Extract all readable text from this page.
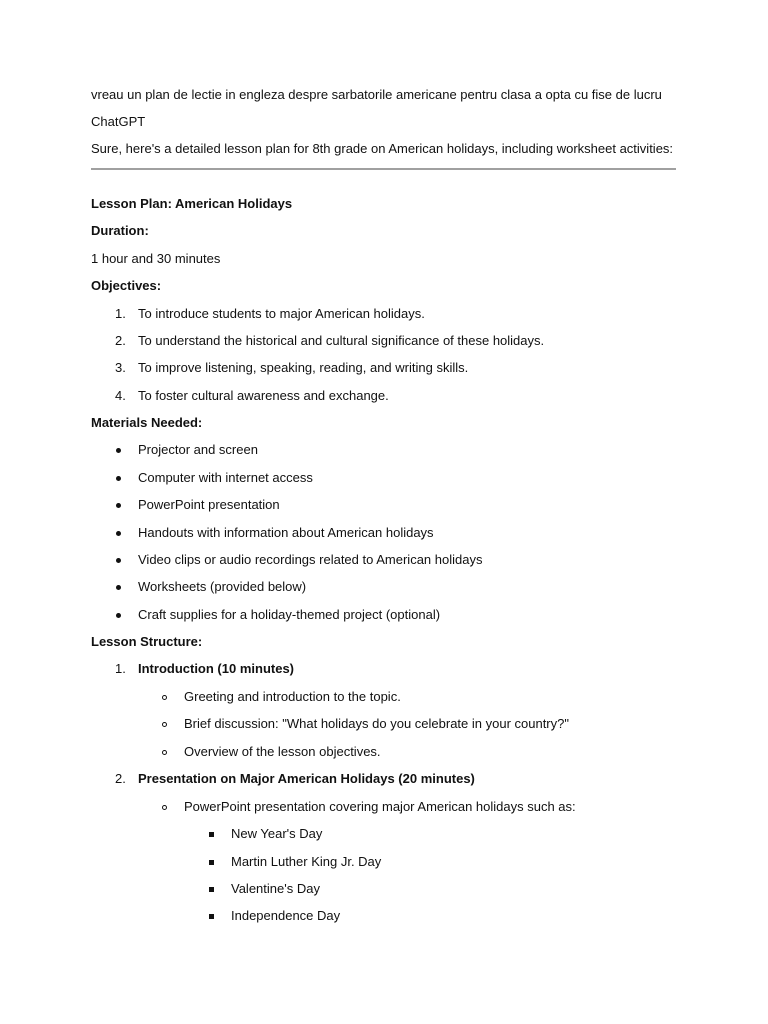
vreau un plan de lectie in engleza despre sarbatorile americane pentru clasa a opta cu fise de lucru
ChatGPT
Sure, here's a detailed lesson plan for 8th grade on American holidays, including worksheet activities:
Lesson Plan: American Holidays
Duration:
1 hour and 30 minutes
Objectives:
1. To introduce students to major American holidays.
2. To understand the historical and cultural significance of these holidays.
3. To improve listening, speaking, reading, and writing skills.
4. To foster cultural awareness and exchange.
Materials Needed:
Projector and screen
Computer with internet access
PowerPoint presentation
Handouts with information about American holidays
Video clips or audio recordings related to American holidays
Worksheets (provided below)
Craft supplies for a holiday-themed project (optional)
Lesson Structure:
1. Introduction (10 minutes)
Greeting and introduction to the topic.
Brief discussion: "What holidays do you celebrate in your country?"
Overview of the lesson objectives.
2. Presentation on Major American Holidays (20 minutes)
PowerPoint presentation covering major American holidays such as:
New Year's Day
Martin Luther King Jr. Day
Valentine's Day
Independence Day
